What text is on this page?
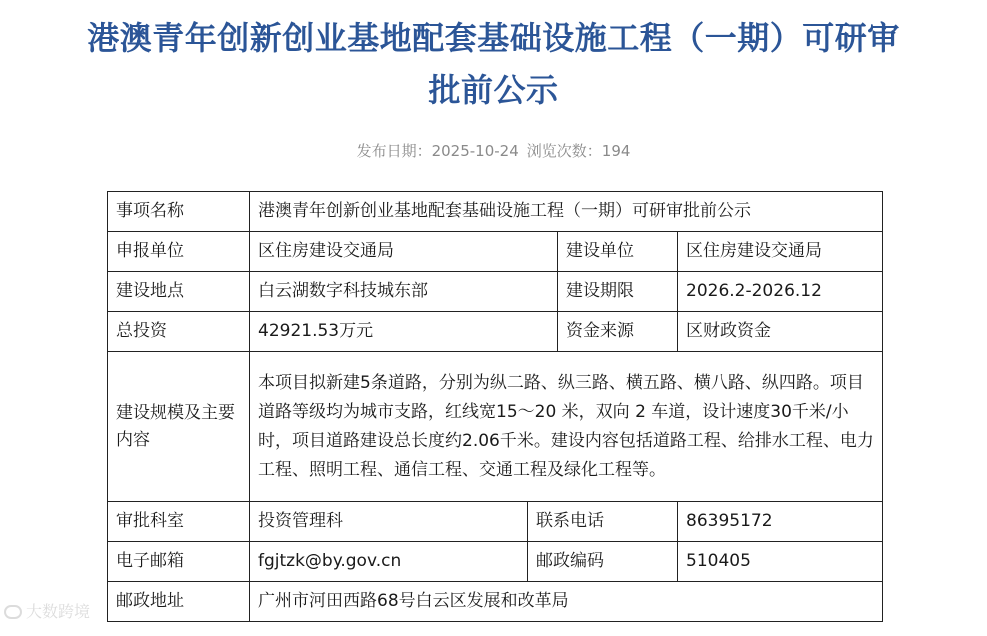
港澳青年创新创业基地配套基础设施工程（一期）可研审
批前公示
发布日期：2025-10-24 浏览次数：194
事项名称	港澳青年创新创业基地配套基础设施工程（一期）可研审批前公示			
申报单位	区住房建设交通局		建设单位	区住房建设交通局
建设地点	白云湖数字科技城东部		建设期限	2026.2-2026.12
总投资	42921.53万元		资金来源	区财政资金
建设规模及主要内容	本项目拟新建5条道路，分别为纵二路、纵三路、横五路、横八路、纵四路。项目道路等级均为城市支路，红线宽15～20 米，双向 2 车道，设计速度30千米/小时，项目道路建设总长度约2.06千米。建设内容包括道路工程、给排水工程、电力工程、照明工程、通信工程、交通工程及绿化工程等。			
审批科室	投资管理科	联系电话		86395172
电子邮箱	fgjtzk@by.gov.cn	邮政编码		510405
邮政地址	广州市河田西路68号白云区发展和改革局			
大数跨境
